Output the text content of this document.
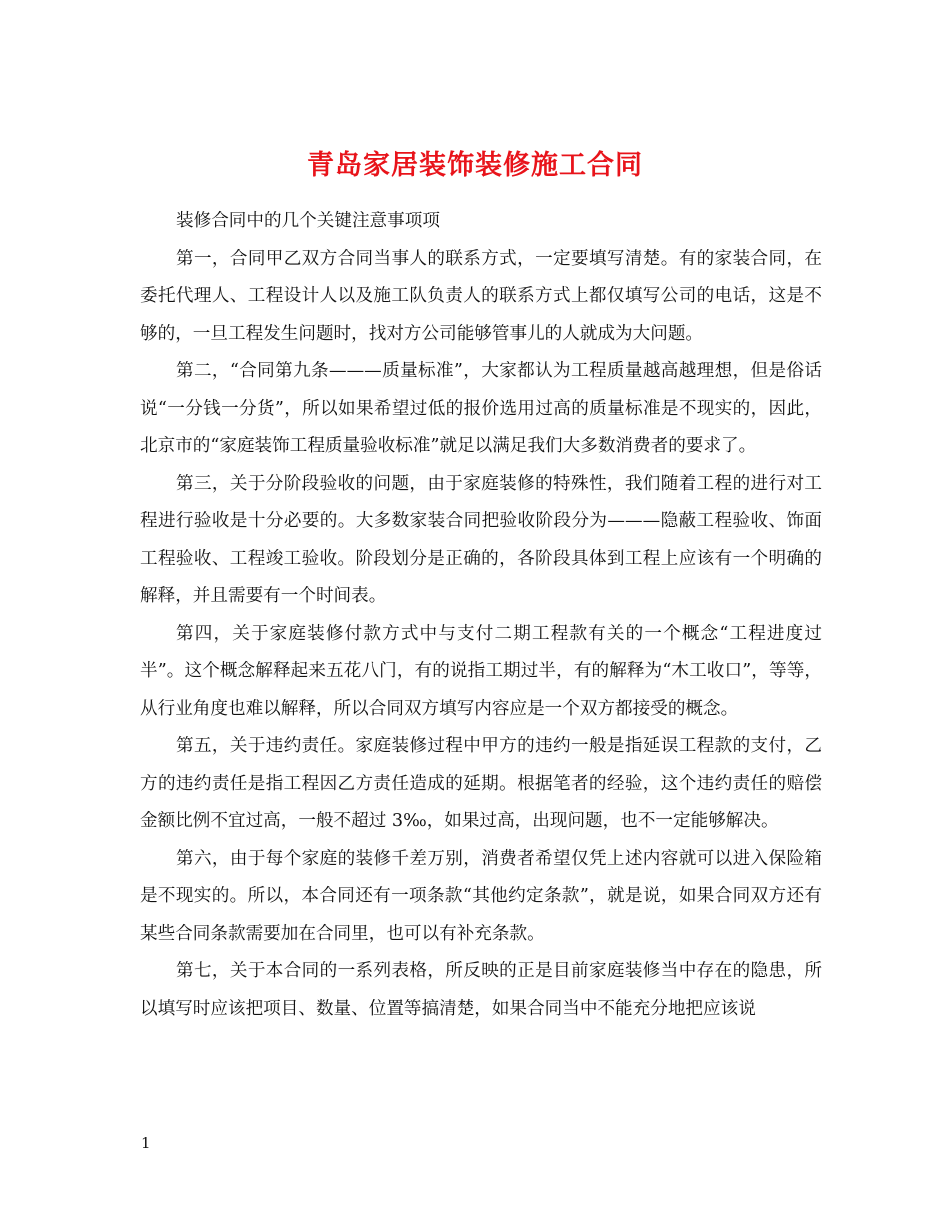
青岛家居装饰装修施工合同

装修合同中的几个关键注意事项项

第一，合同甲乙双方合同当事人的联系方式，一定要填写清楚。有的家装合同，在委托代理人、工程设计人以及施工队负责人的联系方式上都仅填写公司的电话，这是不够的，一旦工程发生问题时，找对方公司能够管事儿的人就成为大问题。

第二，“合同第九条———质量标准”，大家都认为工程质量越高越理想，但是俗话说“一分钱一分货”，所以如果希望过低的报价选用过高的质量标准是不现实的，因此，北京市的“家庭装饰工程质量验收标准”就足以满足我们大多数消费者的要求了。

第三，关于分阶段验收的问题，由于家庭装修的特殊性，我们随着工程的进行对工程进行验收是十分必要的。大多数家装合同把验收阶段分为———隐蔽工程验收、饰面工程验收、工程竣工验收。阶段划分是正确的，各阶段具体到工程上应该有一个明确的解释，并且需要有一个时间表。

第四，关于家庭装修付款方式中与支付二期工程款有关的一个概念“工程进度过半”。这个概念解释起来五花八门，有的说指工期过半，有的解释为“木工收口”，等等，从行业角度也难以解释，所以合同双方填写内容应是一个双方都接受的概念。

第五，关于违约责任。家庭装修过程中甲方的违约一般是指延误工程款的支付，乙方的违约责任是指工程因乙方责任造成的延期。根据笔者的经验，这个违约责任的赔偿金额比例不宜过高，一般不超过 3‰，如果过高，出现问题，也不一定能够解决。

第六，由于每个家庭的装修千差万别，消费者希望仅凭上述内容就可以进入保险箱是不现实的。所以，本合同还有一项条款“其他约定条款”，就是说，如果合同双方还有某些合同条款需要加在合同里，也可以有补充条款。

第七，关于本合同的一系列表格，所反映的正是目前家庭装修当中存在的隐患，所以填写时应该把项目、数量、位置等搞清楚，如果合同当中不能充分地把应该说

1
